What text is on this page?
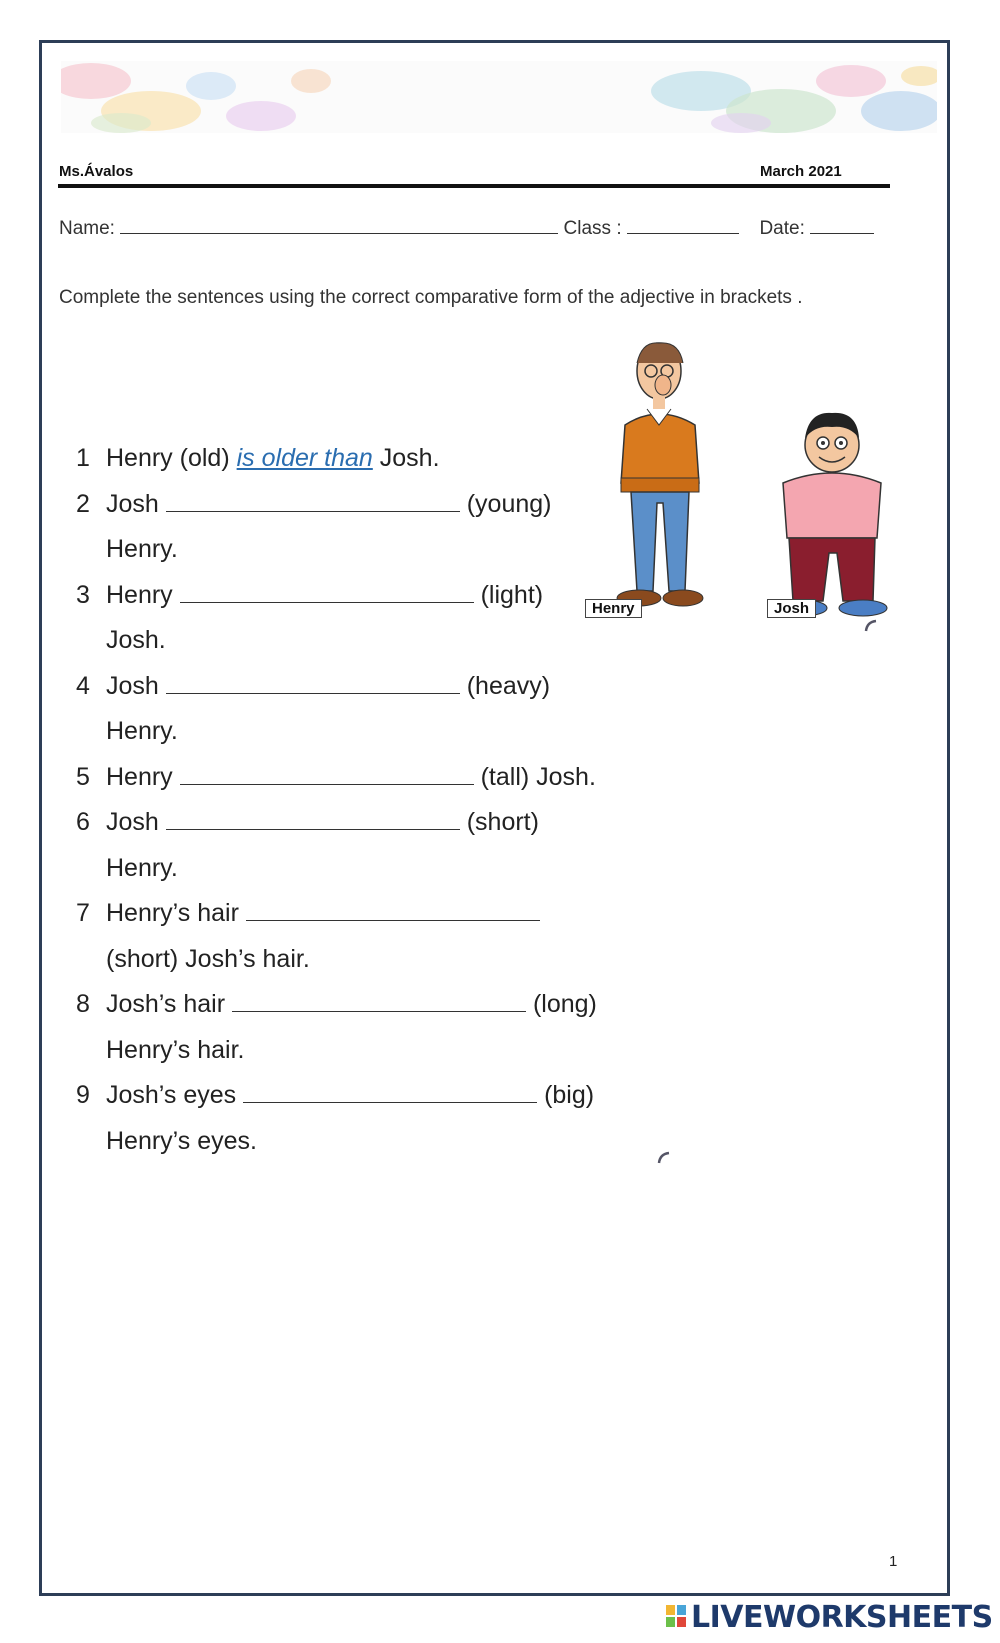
Ms.Ávalos	March 2021
Name:	Class :	Date:
Complete the sentences using the correct comparative form of the adjective in brackets .
1 Henry (old) is older than Josh.
2 Josh	(young)
Henry.
3 Henry	(light)
Josh.
4 Josh	(heavy)
Henry.
5 Henry	(tall) Josh.
6 Josh	(short)
Henry.
7 Henry’s hair
(short) Josh’s hair.
8 Josh’s hair	(long)
Henry’s hair.
9 Josh’s eyes	(big)
Henry’s eyes.
Henry	Josh
1
LIVEWORKSHEETS
